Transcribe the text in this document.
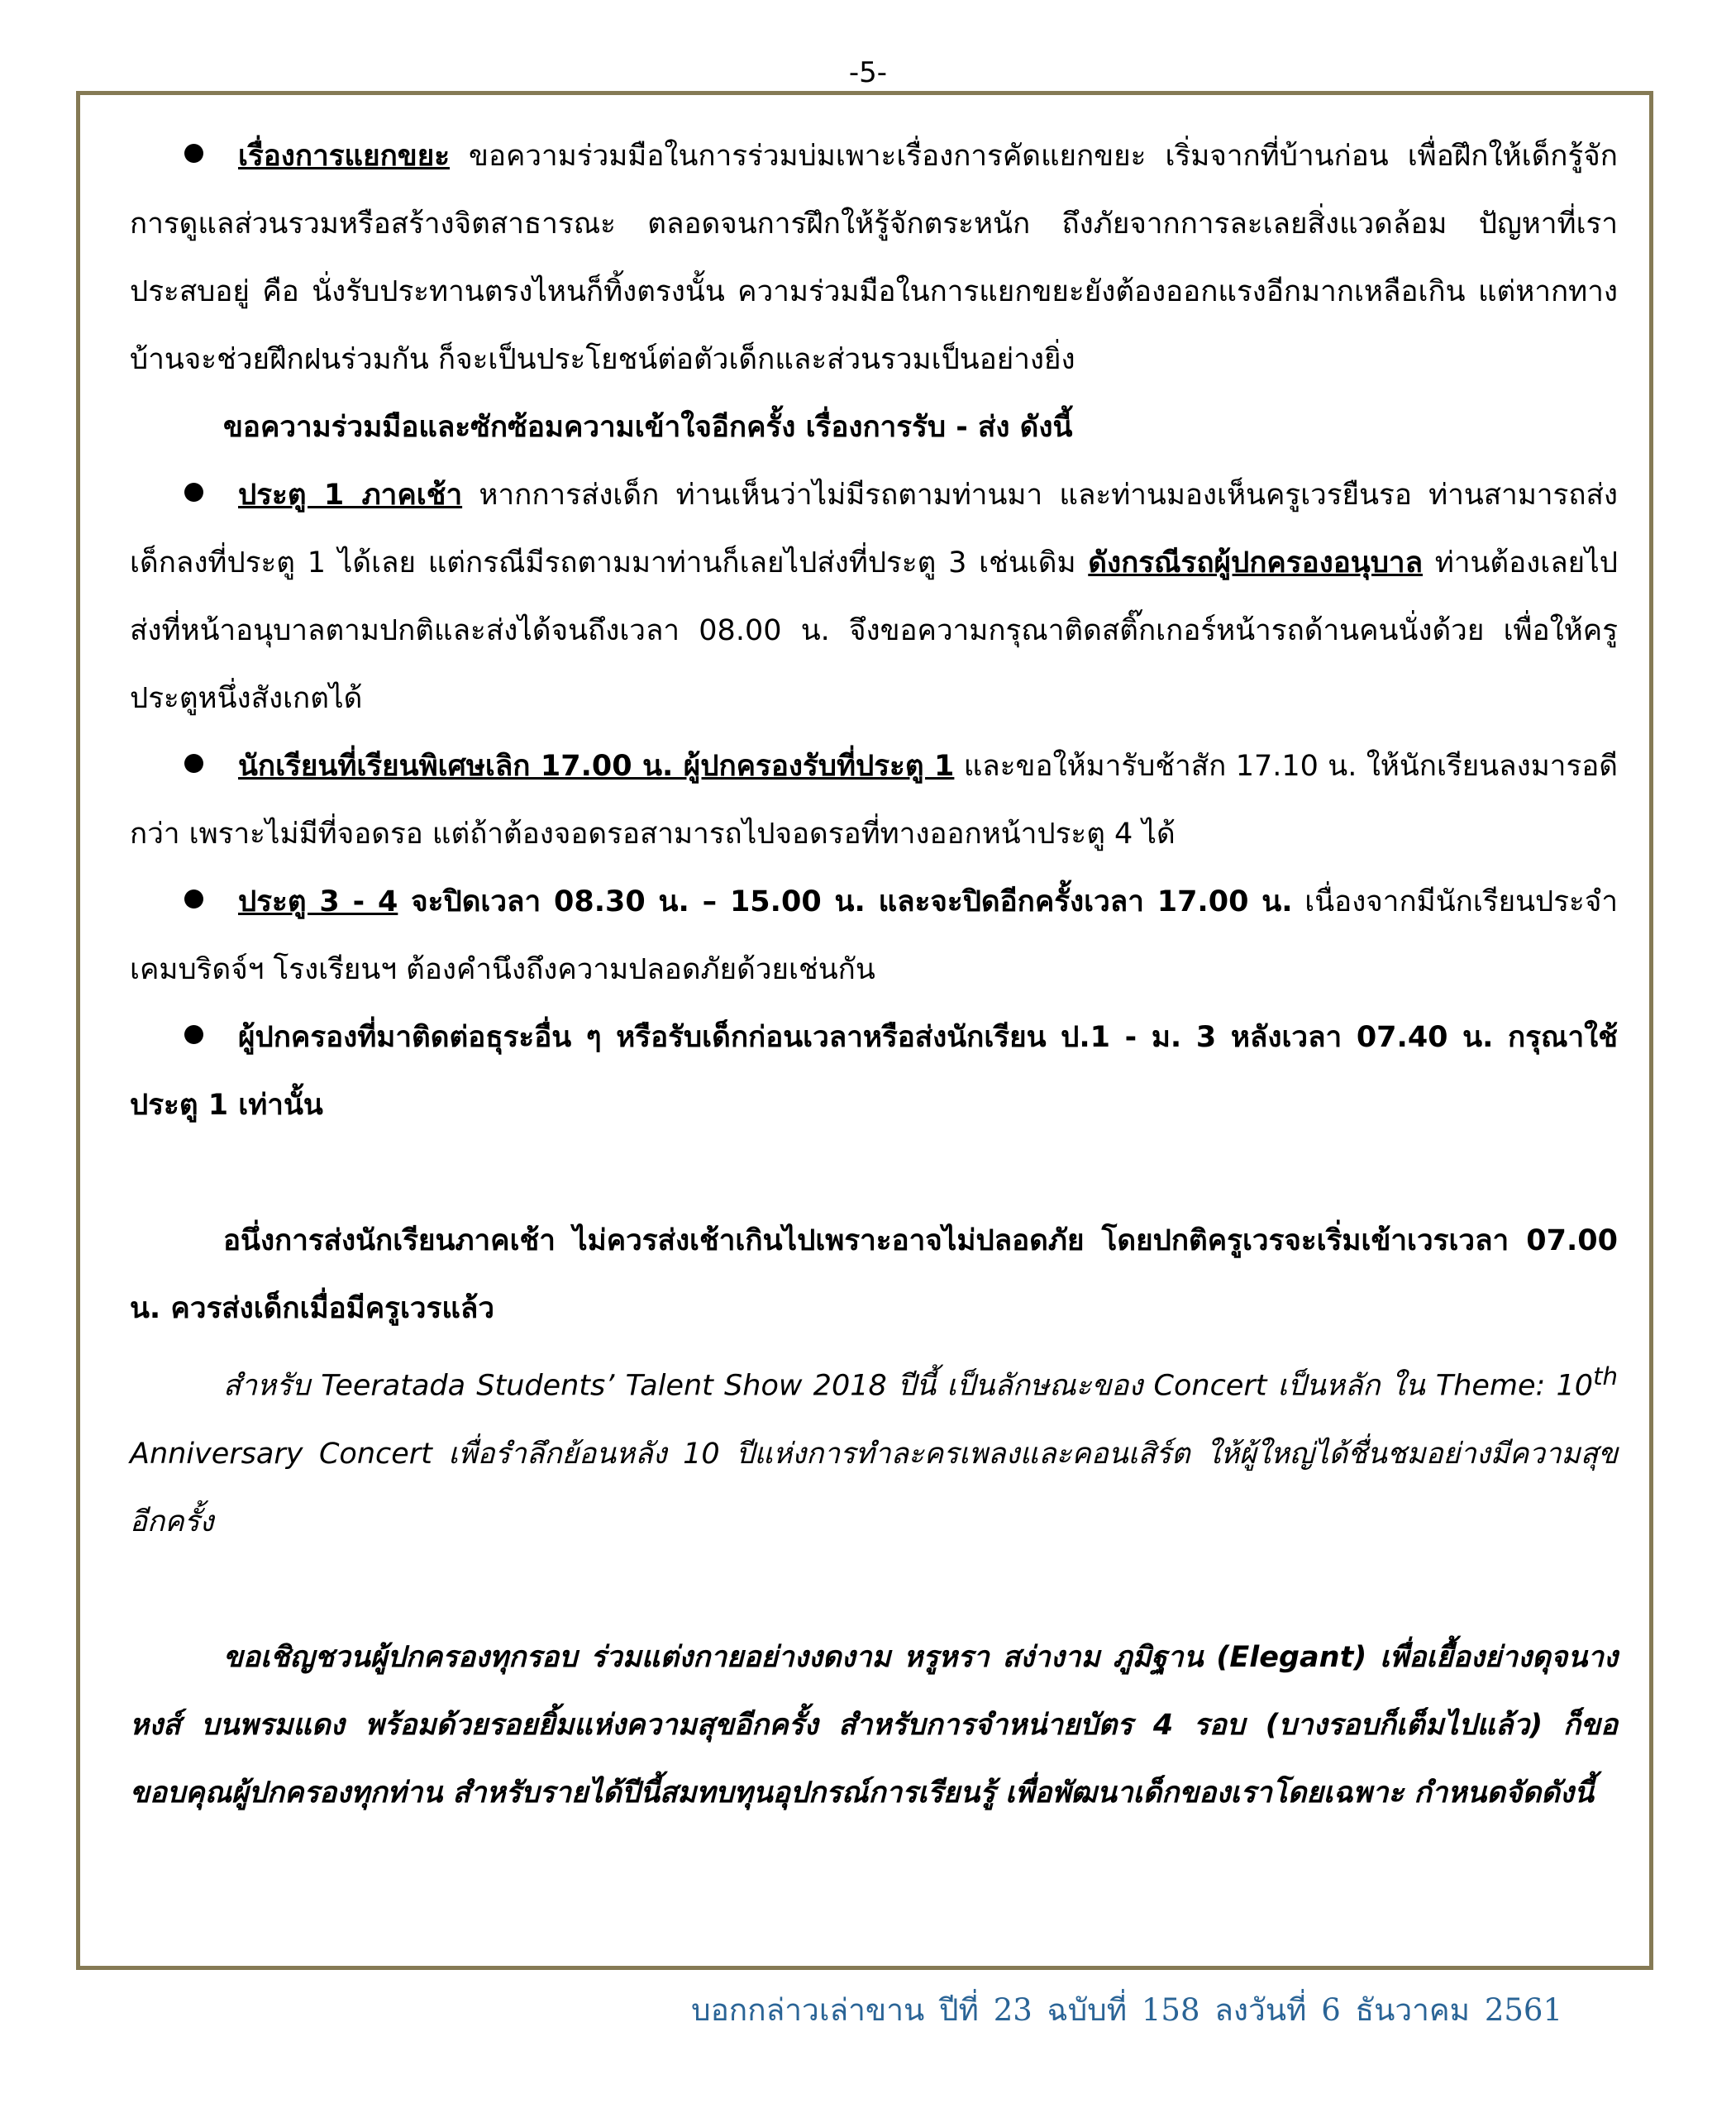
-5-

เรื่องการแยกขยะ ขอความร่วมมือในการร่วมบ่มเพาะเรื่องการคัดแยกขยะ เริ่มจากที่บ้านก่อน เพื่อฝึกให้เด็กรู้จักการดูแลส่วนรวมหรือสร้างจิตสาธารณะ ตลอดจนการฝึกให้รู้จักตระหนัก ถึงภัยจากการละเลยสิ่งแวดล้อม ปัญหาที่เราประสบอยู่ คือ นั่งรับประทานตรงไหนก็ทิ้งตรงนั้น ความร่วมมือในการแยกขยะยังต้องออกแรงอีกมากเหลือเกิน แต่หากทางบ้านจะช่วยฝึกฝนร่วมกัน ก็จะเป็นประโยชน์ต่อตัวเด็กและส่วนรวมเป็นอย่างยิ่ง

ขอความร่วมมือและซักซ้อมความเข้าใจอีกครั้ง เรื่องการรับ - ส่ง ดังนี้

ประตู 1 ภาคเช้า หากการส่งเด็ก ท่านเห็นว่าไม่มีรถตามท่านมา และท่านมองเห็นครูเวรยืนรอ ท่านสามารถส่งเด็กลงที่ประตู 1 ได้เลย แต่กรณีมีรถตามมาท่านก็เลยไปส่งที่ประตู 3 เช่นเดิม ดังกรณีรถผู้ปกครองอนุบาล ท่านต้องเลยไปส่งที่หน้าอนุบาลตามปกติและส่งได้จนถึงเวลา 08.00 น. จึงขอความกรุณาติดสติ๊กเกอร์หน้ารถด้านคนนั่งด้วย เพื่อให้ครูประตูหนึ่งสังเกตได้

นักเรียนที่เรียนพิเศษเลิก 17.00 น. ผู้ปกครองรับที่ประตู 1 และขอให้มารับช้าสัก 17.10 น. ให้นักเรียนลงมารอดีกว่า เพราะไม่มีที่จอดรอ แต่ถ้าต้องจอดรอสามารถไปจอดรอที่ทางออกหน้าประตู 4 ได้

ประตู 3 - 4 จะปิดเวลา 08.30 น. – 15.00 น. และจะปิดอีกครั้งเวลา 17.00 น. เนื่องจากมีนักเรียนประจำเคมบริดจ์ฯ โรงเรียนฯ ต้องคำนึงถึงความปลอดภัยด้วยเช่นกัน

ผู้ปกครองที่มาติดต่อธุระอื่น ๆ หรือรับเด็กก่อนเวลาหรือส่งนักเรียน ป.1 - ม. 3 หลังเวลา 07.40 น. กรุณาใช้ประตู 1 เท่านั้น

อนึ่งการส่งนักเรียนภาคเช้า ไม่ควรส่งเช้าเกินไปเพราะอาจไม่ปลอดภัย โดยปกติครูเวรจะเริ่มเข้าเวรเวลา 07.00 น. ควรส่งเด็กเมื่อมีครูเวรแล้ว

สำหรับ Teeratada Students’ Talent Show 2018 ปีนี้ เป็นลักษณะของ Concert เป็นหลัก ใน Theme: 10th Anniversary Concert เพื่อรำลึกย้อนหลัง 10 ปีแห่งการทำละครเพลงและคอนเสิร์ต ให้ผู้ใหญ่ได้ชื่นชมอย่างมีความสุขอีกครั้ง

ขอเชิญชวนผู้ปกครองทุกรอบ ร่วมแต่งกายอย่างงดงาม หรูหรา สง่างาม ภูมิฐาน (Elegant) เพื่อเยื้องย่างดุจนางหงส์ บนพรมแดง พร้อมด้วยรอยยิ้มแห่งความสุขอีกครั้ง สำหรับการจำหน่ายบัตร 4 รอบ (บางรอบก็เต็มไปแล้ว) ก็ขอขอบคุณผู้ปกครองทุกท่าน สำหรับรายได้ปีนี้สมทบทุนอุปกรณ์การเรียนรู้ เพื่อพัฒนาเด็กของเราโดยเฉพาะ กำหนดจัดดังนี้

บอกกล่าวเล่าขาน ปีที่ 23 ฉบับที่ 158 ลงวันที่ 6 ธันวาคม 2561
